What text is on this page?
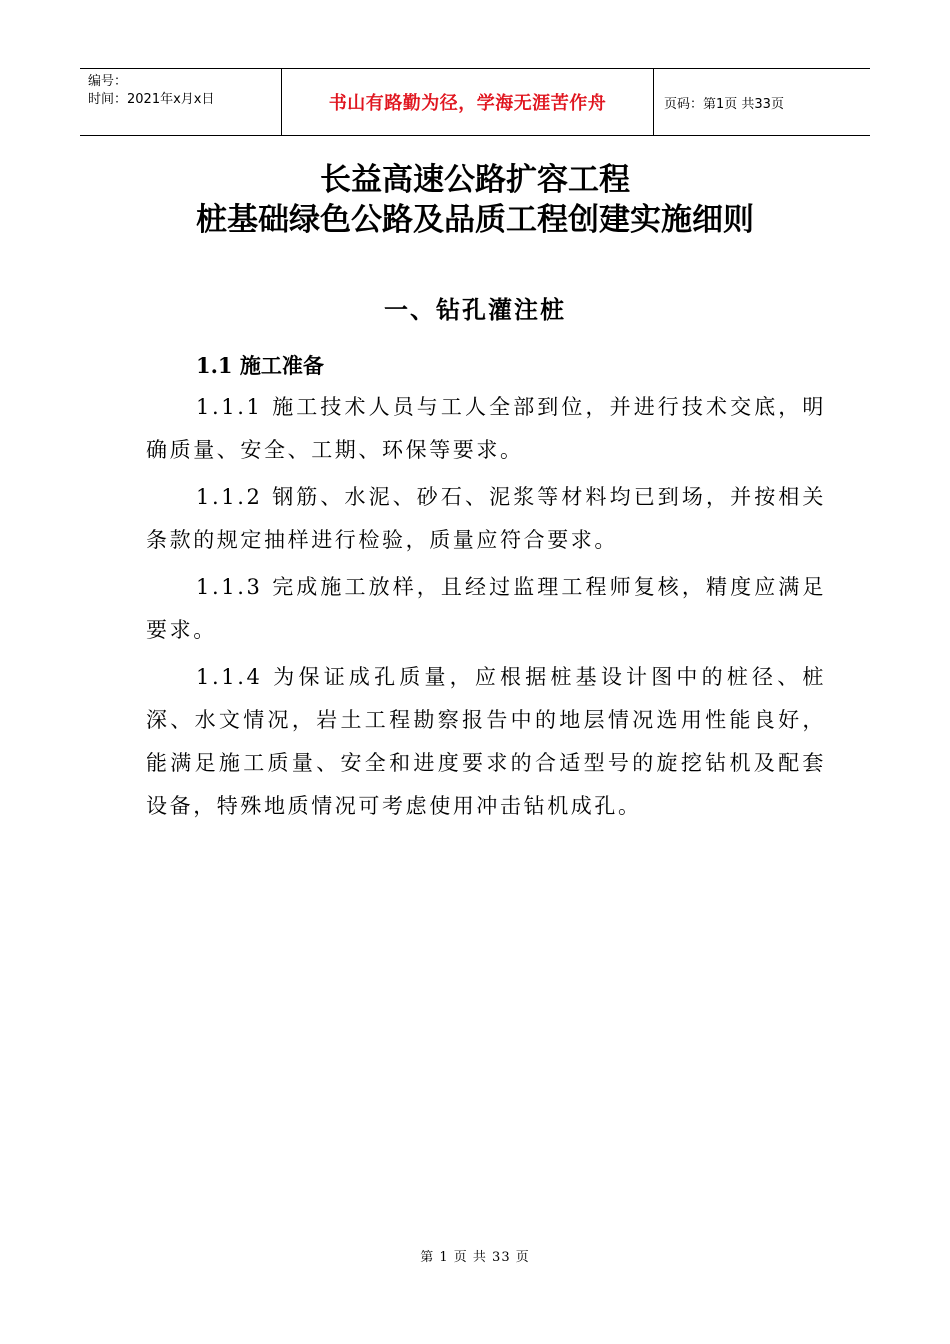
编号：
时间：2021年x月x日	书山有路勤为径，学海无涯苦作舟	页码：第1页 共33页
长益高速公路扩容工程
桩基础绿色公路及品质工程创建实施细则
一、钻孔灌注桩
1.1 施工准备

1.1.1 施工技术人员与工人全部到位，并进行技术交底，明确质量、安全、工期、环保等要求。

1.1.2 钢筋、水泥、砂石、泥浆等材料均已到场，并按相关条款的规定抽样进行检验，质量应符合要求。

1.1.3 完成施工放样，且经过监理工程师复核，精度应满足要求。

1.1.4 为保证成孔质量，应根据桩基设计图中的桩径、桩深、水文情况，岩土工程勘察报告中的地层情况选用性能良好，能满足施工质量、安全和进度要求的合适型号的旋挖钻机及配套设备，特殊地质情况可考虑使用冲击钻机成孔。

第 1 页 共 33 页
